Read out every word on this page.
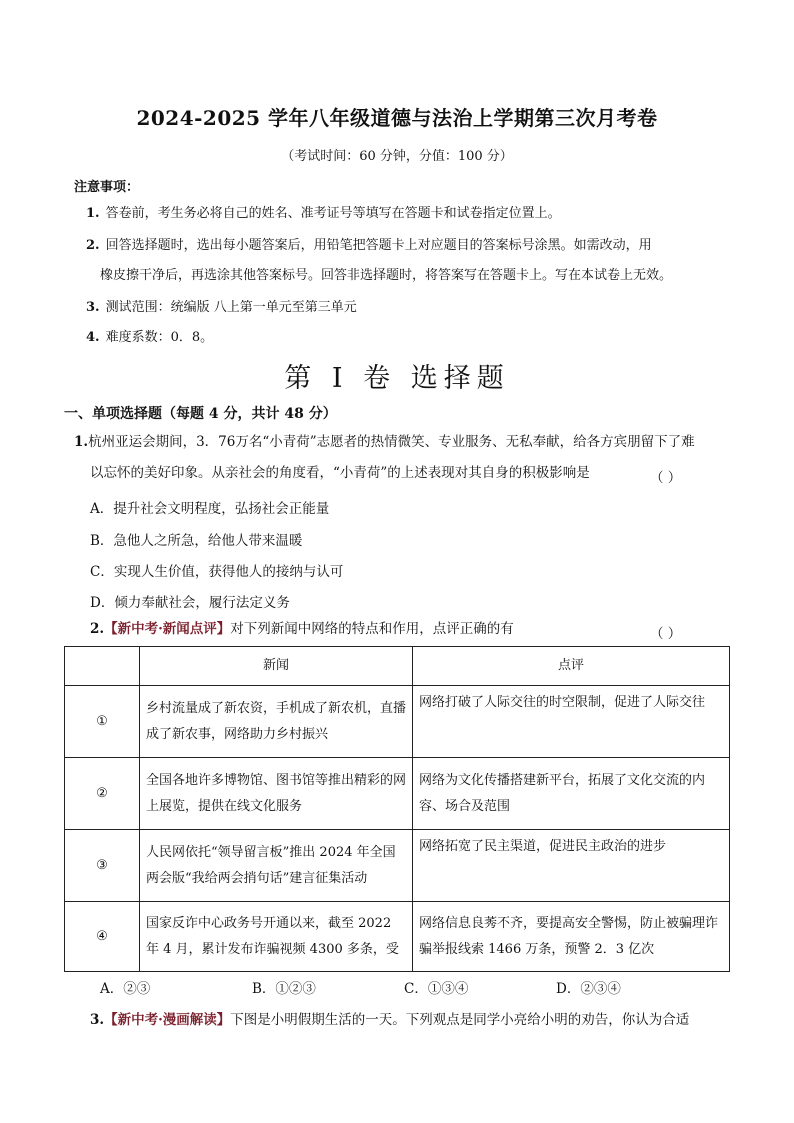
2024-2025 学年八年级道德与法治上学期第三次月考卷
（考试时间：60 分钟，分值：100 分）
注意事项：
1. 答卷前，考生务必将自己的姓名、准考证号等填写在答题卡和试卷指定位置上。
2. 回答选择题时，选出每小题答案后，用铅笔把答题卡上对应题目的答案标号涂黑。如需改动，用
橡皮擦干净后，再选涂其他答案标号。回答非选择题时，将答案写在答题卡上。写在本试卷上无效。
3. 测试范围：统编版 八上第一单元至第三单元
4. 难度系数：0．8。
第 I 卷 选择题
一、单项选择题（每题 4 分，共计 48 分）
1.杭州亚运会期间，3．76万名“小青荷”志愿者的热情微笑、专业服务、无私奉献，给各方宾朋留下了难
以忘怀的美好印象。从亲社会的角度看，“小青荷”的上述表现对其自身的积极影响是	（ ）
A．提升社会文明程度，弘扬社会正能量
B．急他人之所急，给他人带来温暖
C．实现人生价值，获得他人的接纳与认可
D．倾力奉献社会，履行法定义务
2.【新中考·新闻点评】对下列新闻中网络的特点和作用，点评正确的有	（ ）
	新闻	点评
①	乡村流量成了新农资，手机成了新农机，直播成了新农事，网络助力乡村振兴	网络打破了人际交往的时空限制，促进了人际交往
②	全国各地许多博物馆、图书馆等推出精彩的网上展览，提供在线文化服务	网络为文化传播搭建新平台，拓展了文化交流的内容、场合及范围
③	人民网依托“领导留言板”推出 2024 年全国两会版“我给两会捎句话”建言征集活动	网络拓宽了民主渠道，促进民主政治的进步
④	国家反诈中心政务号开通以来，截至 2022 年 4 月，累计发布诈骗视频 4300 多条，受	网络信息良莠不齐，要提高安全警惕，防止被骗理诈骗举报线索 1466 万条，预警 2．3 亿次
A．②③	B．①②③	C．①③④	D．②③④
3.【新中考·漫画解读】下图是小明假期生活的一天。下列观点是同学小亮给小明的劝告，你认为合适
